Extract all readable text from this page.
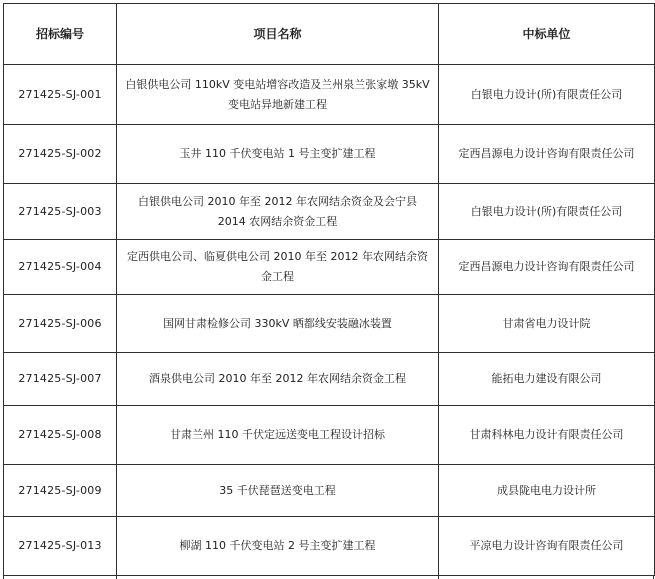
招标编号	项目名称	中标单位
271425-SJ-001	白银供电公司 110kV 变电站增容改造及兰州泉兰张家墩 35kV 变电站异地新建工程	白银电力设计(所)有限责任公司
271425-SJ-002	玉井 110 千伏变电站 1 号主变扩建工程	定西昌源电力设计咨询有限责任公司
271425-SJ-003	白银供电公司 2010 年至 2012 年农网结余资金及会宁县 2014 农网结余资金工程	白银电力设计(所)有限责任公司
271425-SJ-004	定西供电公司、临夏供电公司 2010 年至 2012 年农网结余资金工程	定西昌源电力设计咨询有限责任公司
271425-SJ-006	国网甘肃检修公司 330kV 晒都线安装融冰装置	甘肃省电力设计院
271425-SJ-007	酒泉供电公司 2010 年至 2012 年农网结余资金工程	能拓电力建设有限公司
271425-SJ-008	甘肃兰州 110 千伏定远送变电工程设计招标	甘肃科林电力设计有限责任公司
271425-SJ-009	35 千伏琵琶送变电工程	成县陇电电力设计所
271425-SJ-013	柳湖 110 千伏变电站 2 号主变扩建工程	平凉电力设计咨询有限责任公司
